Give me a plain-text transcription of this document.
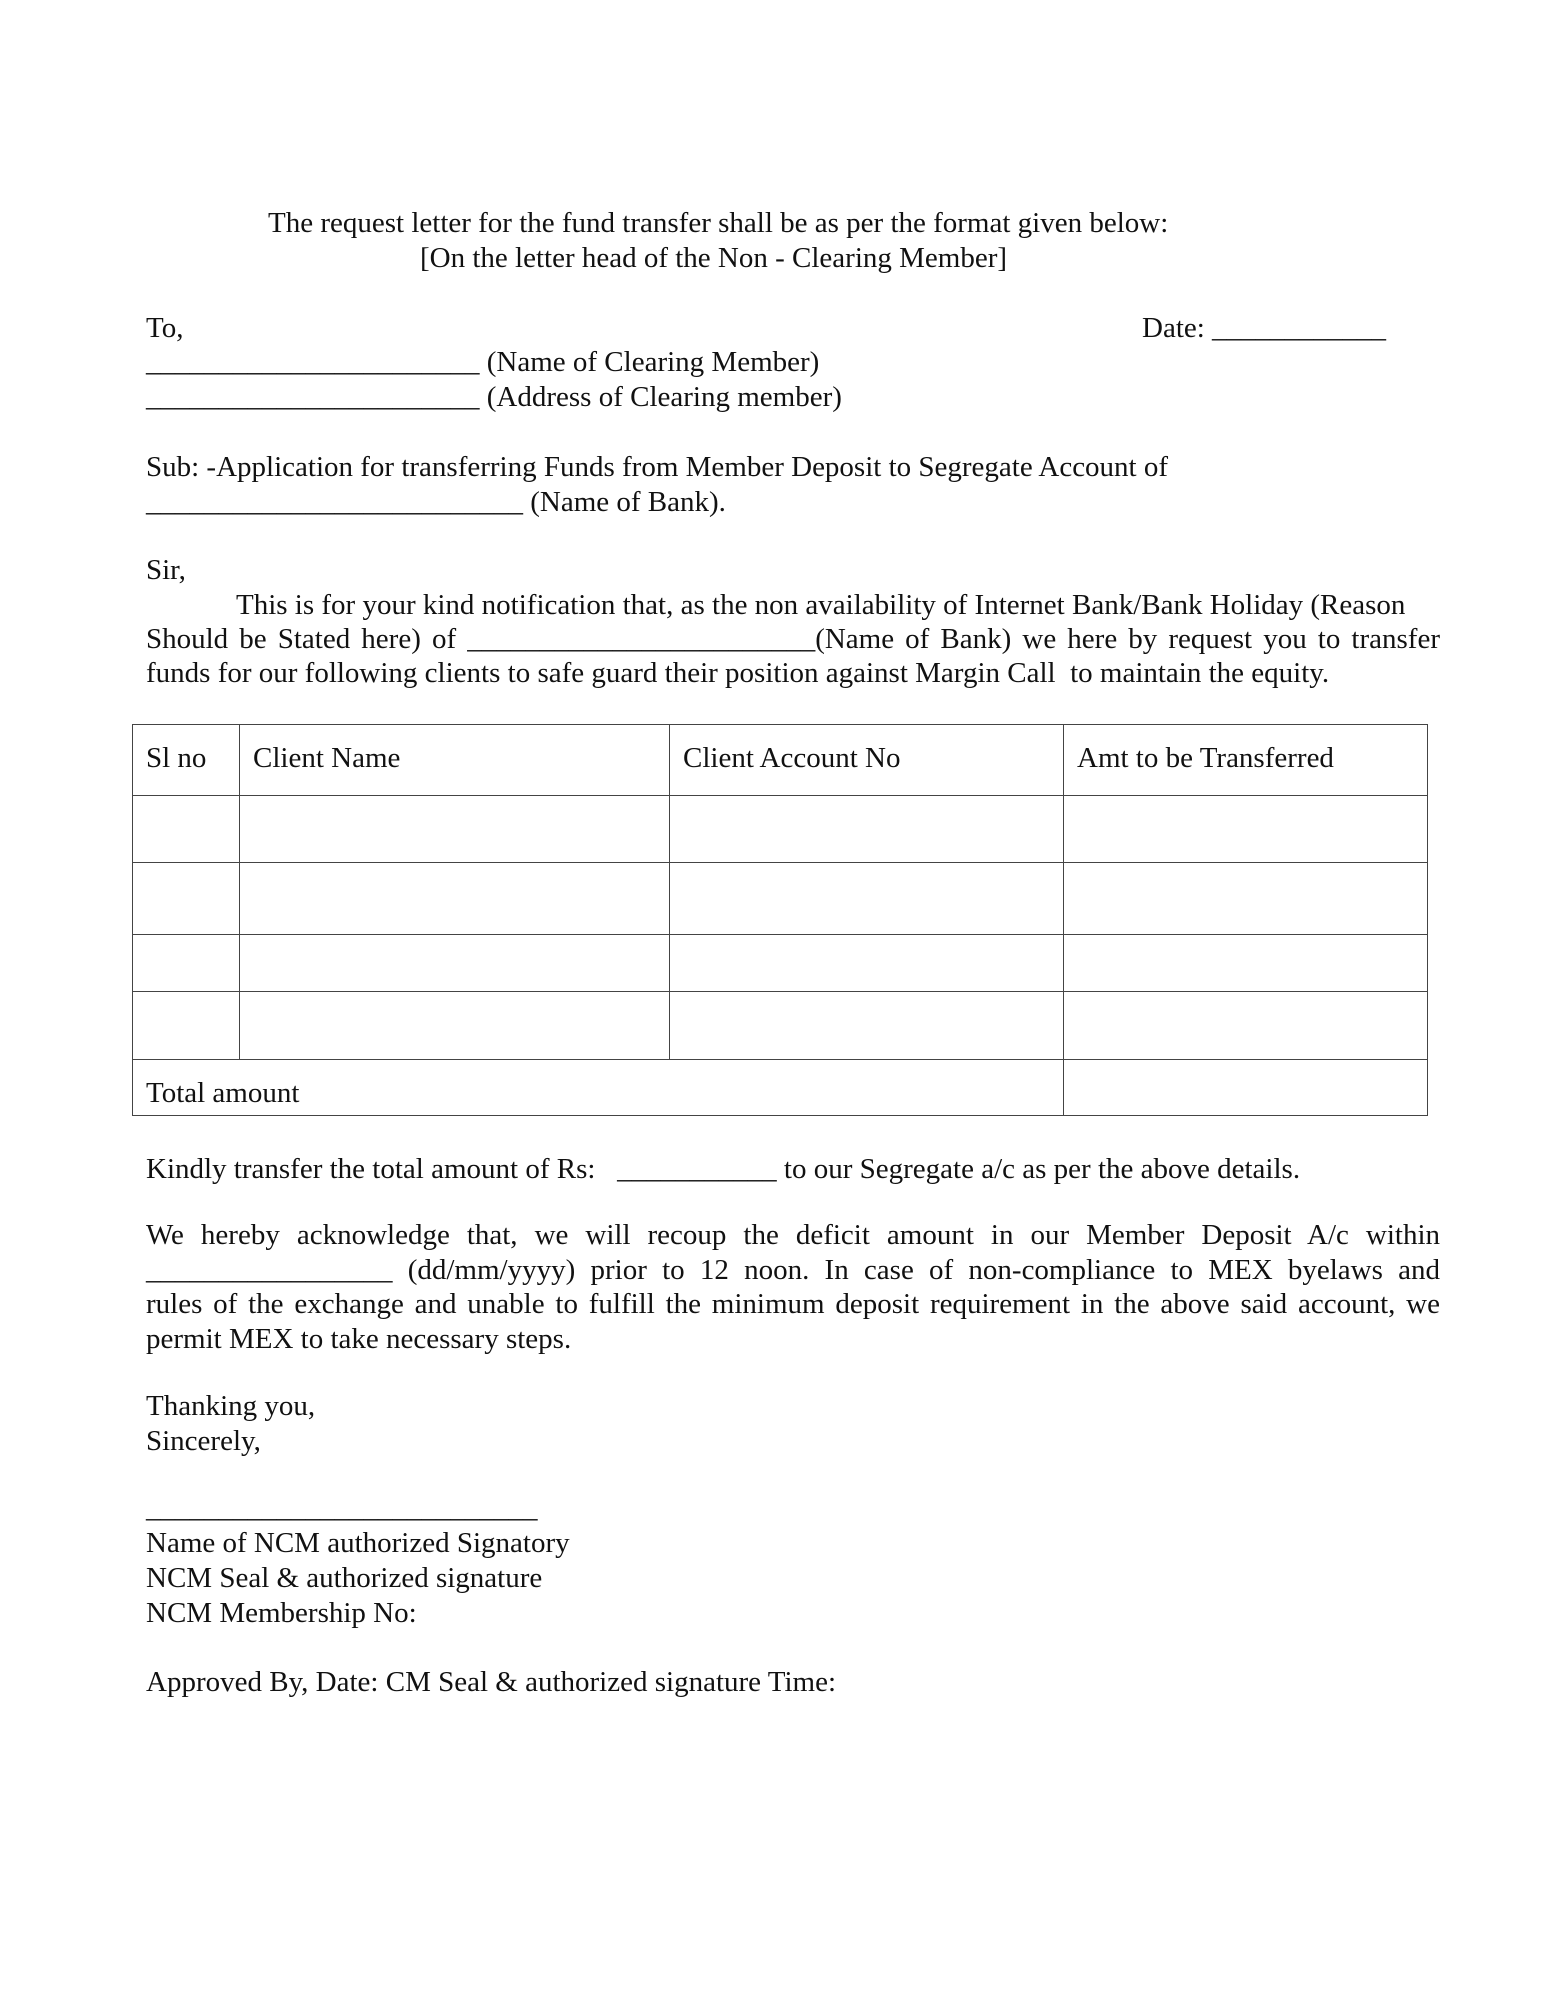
The request letter for the fund transfer shall be as per the format given below:
[On the letter head of the Non - Clearing Member]
To,	Date: ____________
_______________________ (Name of Clearing Member)
_______________________ (Address of Clearing member)
Sub: -Application for transferring Funds from Member Deposit to Segregate Account of
__________________________ (Name of Bank).
Sir,
This is for your kind notification that, as the non availability of Internet Bank/Bank Holiday (Reason
Should be Stated here) of ________________________(Name of Bank) we here by request you to transfer
funds for our following clients to safe guard their position against Margin Call  to maintain the equity.
Sl no	Client Name	Client Account No	Amt to be Transferred

Total amount			
Kindly transfer the total amount of Rs:   ___________ to our Segregate a/c as per the above details.
We hereby acknowledge that, we will recoup the deficit amount in our Member Deposit A/c within
_________________ (dd/mm/yyyy) prior to 12 noon. In case of non-compliance to MEX byelaws and
rules of the exchange and unable to fulfill the minimum deposit requirement in the above said account, we
permit MEX to take necessary steps.
Thanking you,
Sincerely,
___________________________
Name of NCM authorized Signatory
NCM Seal & authorized signature
NCM Membership No:
Approved By, Date: CM Seal & authorized signature Time:
